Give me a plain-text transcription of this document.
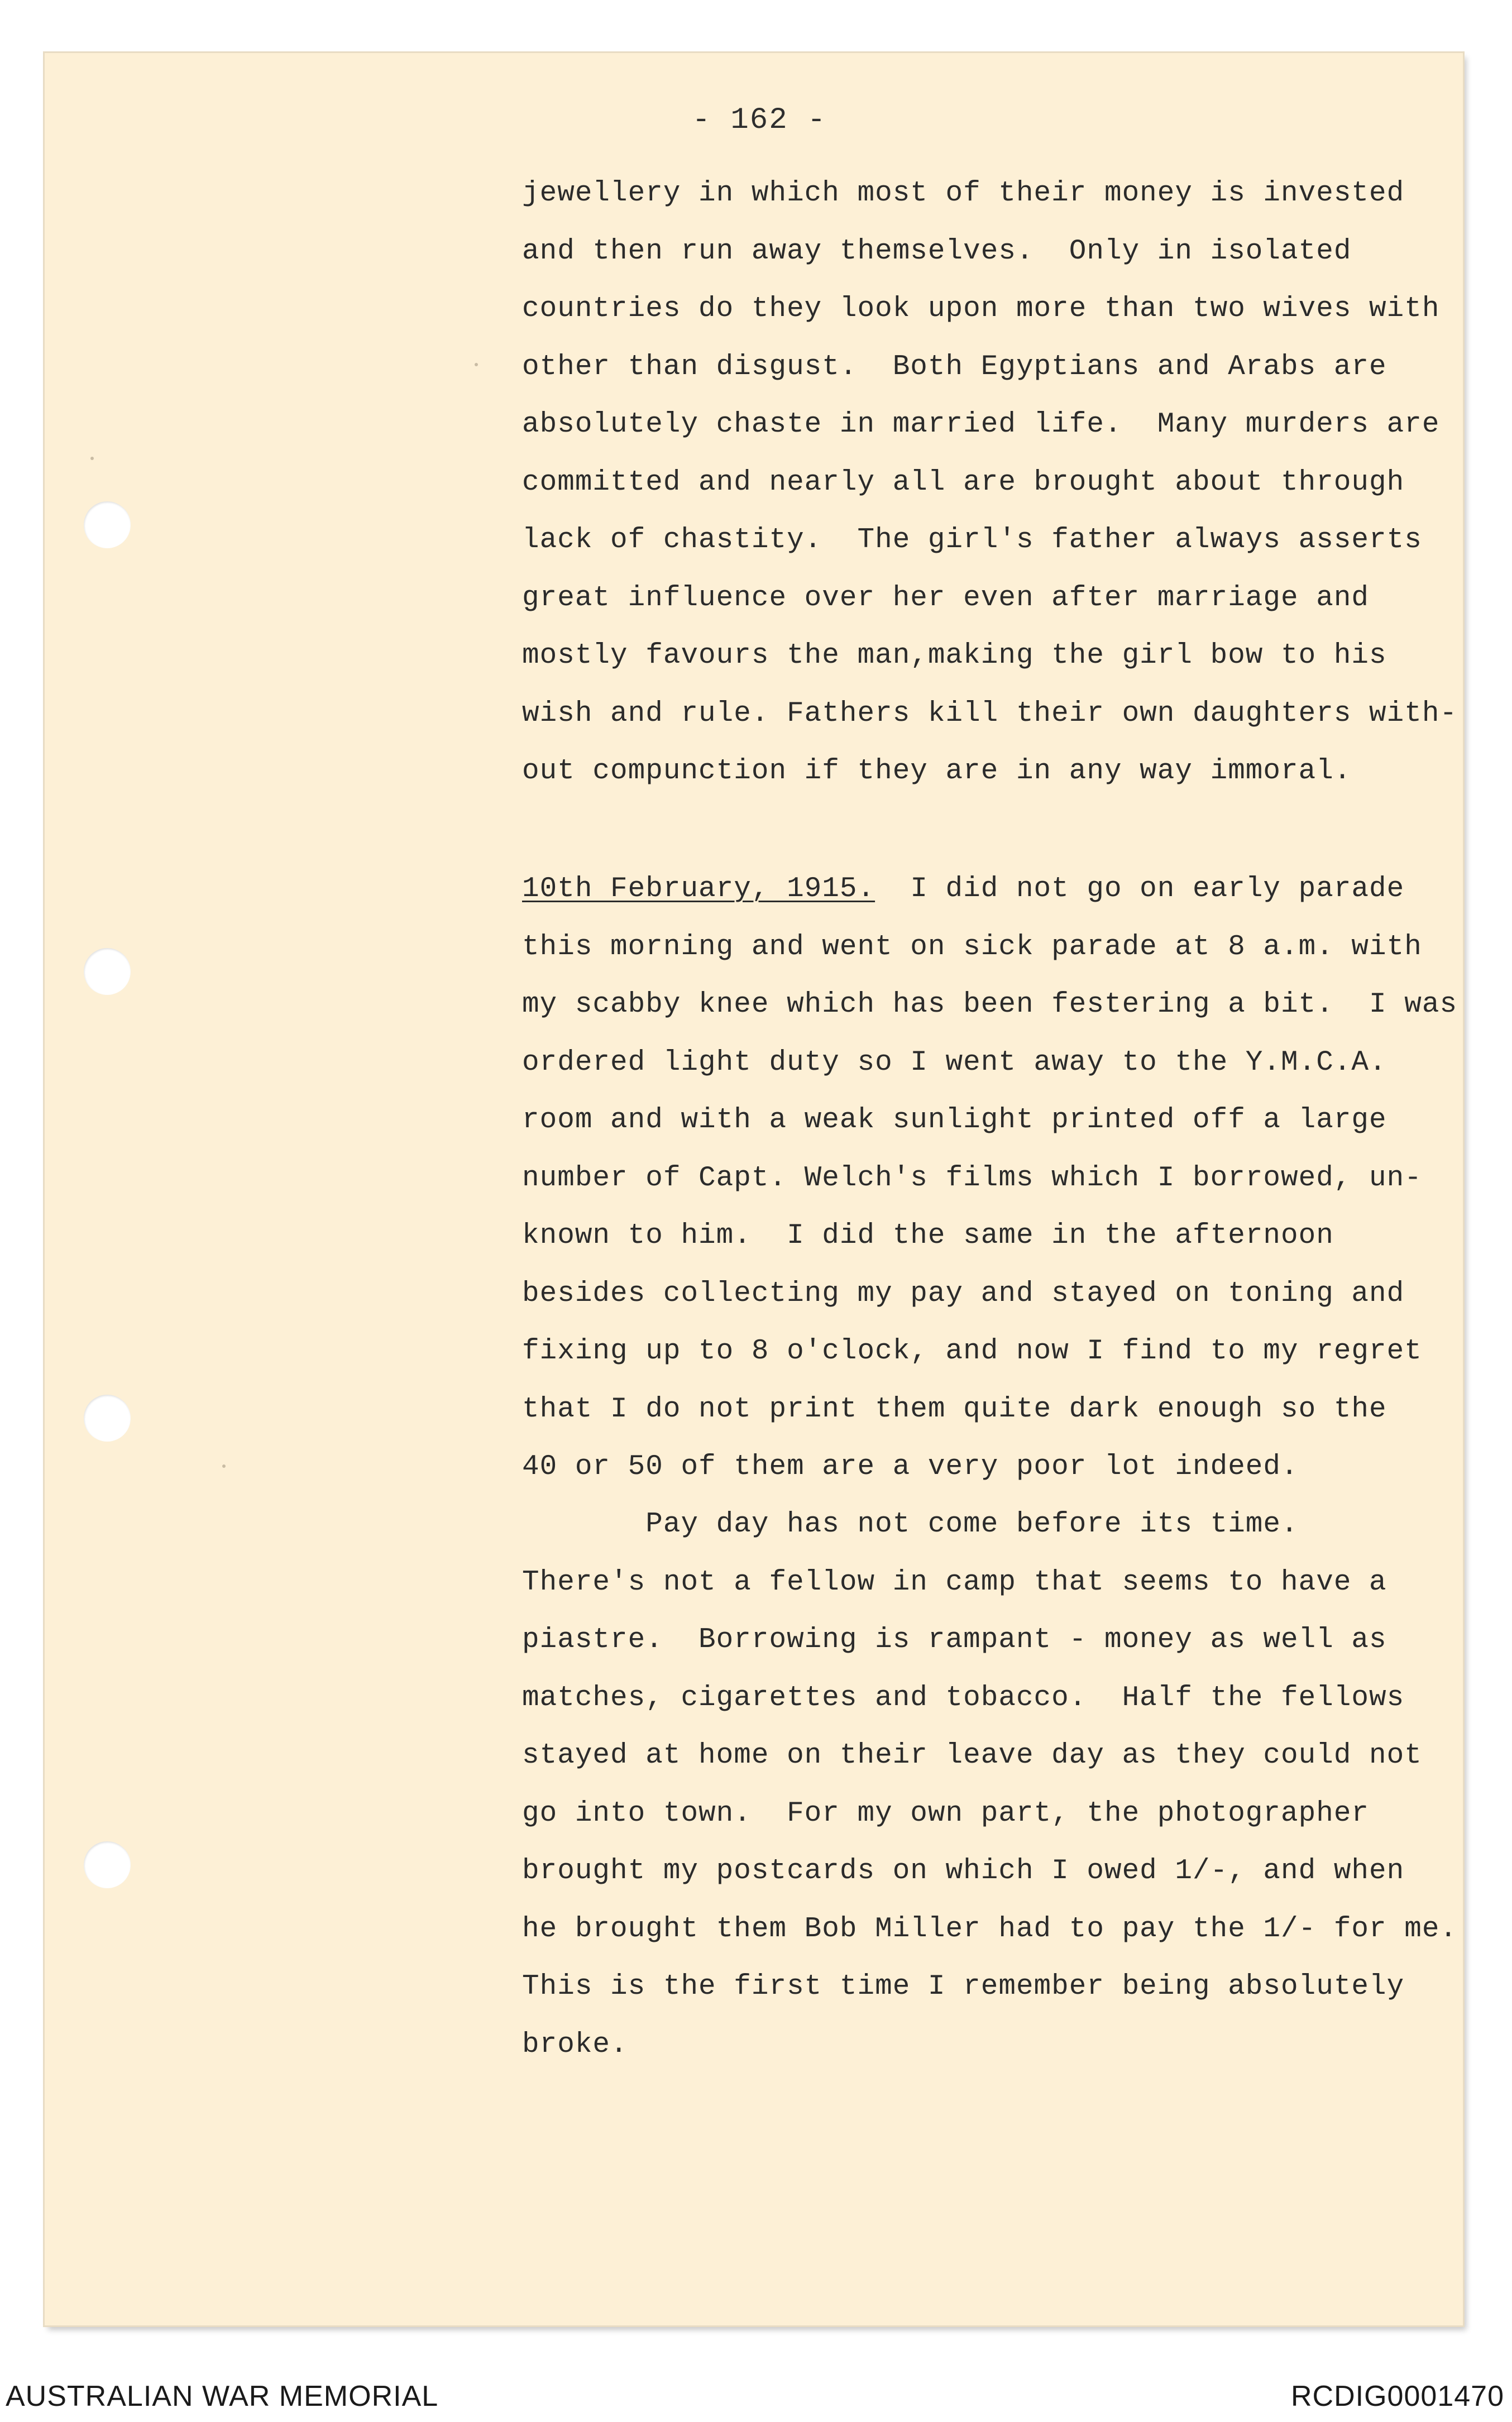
- 162 -
jewellery in which most of their money is invested
and then run away themselves.  Only in isolated
countries do they look upon more than two wives with
other than disgust.  Both Egyptians and Arabs are
absolutely chaste in married life.  Many murders are
committed and nearly all are brought about through
lack of chastity.  The girl's father always asserts
great influence over her even after marriage and
mostly favours the man,making the girl bow to his
wish and rule. Fathers kill their own daughters with-
out compunction if they are in any way immoral.
10th February, 1915.  I did not go on early parade
this morning and went on sick parade at 8 a.m. with
my scabby knee which has been festering a bit.  I was
ordered light duty so I went away to the Y.M.C.A.
room and with a weak sunlight printed off a large
number of Capt. Welch's films which I borrowed, un-
known to him.  I did the same in the afternoon
besides collecting my pay and stayed on toning and
fixing up to 8 o'clock, and now I find to my regret
that I do not print them quite dark enough so the
40 or 50 of them are a very poor lot indeed.
Pay day has not come before its time.
There's not a fellow in camp that seems to have a
piastre.  Borrowing is rampant - money as well as
matches, cigarettes and tobacco.  Half the fellows
stayed at home on their leave day as they could not
go into town.  For my own part, the photographer
brought my postcards on which I owed 1/-, and when
he brought them Bob Miller had to pay the 1/- for me.
This is the first time I remember being absolutely
broke.
AUSTRALIAN WAR MEMORIAL	RCDIG0001470
